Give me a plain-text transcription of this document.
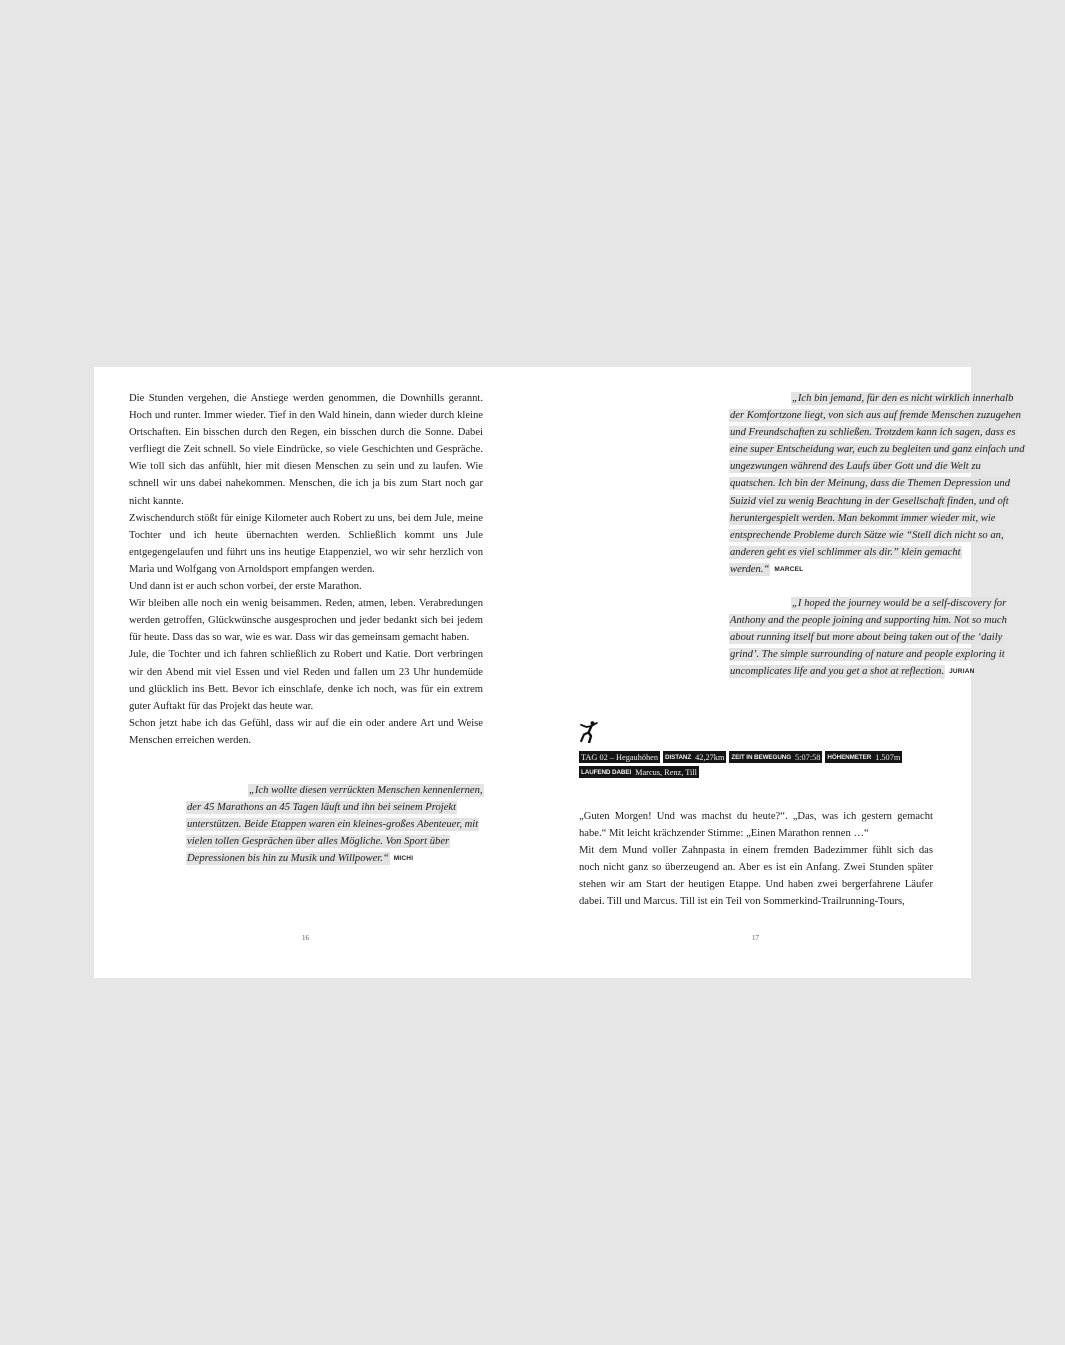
Die Stunden vergehen, die Anstiege werden genommen, die Downhills gerannt. Hoch und runter. Immer wieder. Tief in den Wald hinein, dann wieder durch kleine Ortschaften. Ein bisschen durch den Regen, ein bisschen durch die Sonne. Dabei verfliegt die Zeit schnell. So viele Eindrücke, so viele Geschichten und Gespräche. Wie toll sich das anfühlt, hier mit diesen Menschen zu sein und zu laufen. Wie schnell wir uns dabei nahekommen. Menschen, die ich ja bis zum Start noch gar nicht kannte.

Zwischendurch stößt für einige Kilometer auch Robert zu uns, bei dem Jule, meine Tochter und ich heute übernachten werden. Schließlich kommt uns Jule entgegengelaufen und führt uns ins heutige Etappenziel, wo wir sehr herzlich von Maria und Wolfgang von Arnoldsport empfangen werden.

Und dann ist er auch schon vorbei, der erste Marathon.

Wir bleiben alle noch ein wenig beisammen. Reden, atmen, leben. Verabredungen werden getroffen, Glückwünsche ausgesprochen und jeder bedankt sich bei jedem für heute. Dass das so war, wie es war. Dass wir das gemeinsam gemacht haben.

Jule, die Tochter und ich fahren schließlich zu Robert und Katie. Dort verbringen wir den Abend mit viel Essen und viel Reden und fallen um 23 Uhr hundemüde und glücklich ins Bett. Bevor ich einschlafe, denke ich noch, was für ein extrem guter Auftakt für das Projekt das heute war.

Schon jetzt habe ich das Gefühl, dass wir auf die ein oder andere Art und Weise Menschen erreichen werden.

„Ich wollte diesen verrückten Menschen kennenlernen, der 45 Marathons an 45 Tagen läuft und ihn bei seinem Projekt unterstützen. Beide Etappen waren ein kleines-großes Abenteuer, mit vielen tollen Gesprächen über alles Mögliche. Von Sport über Depressionen bis hin zu Musik und Willpower.“ MICHI

16

„Ich bin jemand, für den es nicht wirklich innerhalb der Komfortzone liegt, von sich aus auf fremde Menschen zuzugehen und Freundschaften zu schließen. Trotzdem kann ich sagen, dass es eine super Entscheidung war, euch zu begleiten und ganz einfach und ungezwungen während des Laufs über Gott und die Welt zu quatschen. Ich bin der Meinung, dass die Themen Depression und Suizid viel zu wenig Beachtung in der Gesellschaft finden, und oft heruntergespielt werden. Man bekommt immer wieder mit, wie entsprechende Probleme durch Sätze wie “Stell dich nicht so an, anderen geht es viel schlimmer als dir.” klein gemacht werden.“ MARCEL

„I hoped the journey would be a self-discovery for Anthony and the people joining and supporting him. Not so much about running itself but more about being taken out of the ‘daily grind’. The simple surrounding of nature and people exploring it uncomplicates life and you get a shot at reflection. JURIAN

TAG 02 – Hegauhöhen DISTANZ 42,27km ZEIT IN BEWEGUNG 5:07:58 HÖHENMETER 1.507m
LAUFEND DABEI Marcus, Renz, Till

„Guten Morgen! Und was machst du heute?“. „Das, was ich gestern gemacht habe.“ Mit leicht krächzender Stimme: „Einen Marathon rennen …“

Mit dem Mund voller Zahnpasta in einem fremden Badezimmer fühlt sich das noch nicht ganz so überzeugend an. Aber es ist ein Anfang. Zwei Stunden später stehen wir am Start der heutigen Etappe. Und haben zwei bergerfahrene Läufer dabei. Till und Marcus. Till ist ein Teil von Sommerkind-Trailrunning-Tours,

17
